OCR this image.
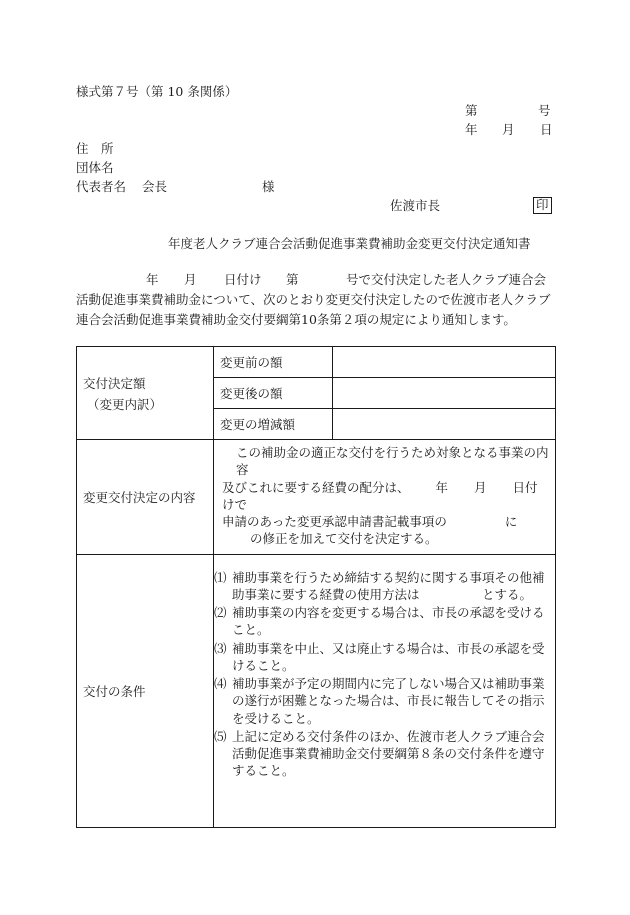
様式第７号（第 10 条関係）
第	号
年 月 日
住　所
団体名
代表者名 会長	様
佐渡市長	印
年度老人クラブ連合会活動促進事業費補助金変更交付決定通知書
年 月 日付け 第	号で交付決定した老人クラブ連合会
活動促進事業費補助金について、次のとおり変更交付決定したので佐渡市老人クラブ
連合会活動促進事業費補助金交付要綱第10条第２項の規定により通知します。
交付決定額
（変更内訳）	変更前の額	
	変更後の額	
	変更の増減額	
変更交付決定の内容	この補助金の適正な交付を行うため対象となる事業の内容
及びこれに要する経費の配分は、 年 月 日付けで
申請のあった変更承認申請書記載事項の に
の修正を加えて交付を決定する。	

交付の条件	⑴ 補助事業を行うため締結する契約に関する事項その他補助事業に要する経費の使用方法は　　　　　とする。
⑵ 補助事業の内容を変更する場合は、市長の承認を受けること。
⑶ 補助事業を中止、又は廃止する場合は、市長の承認を受けること。
⑷ 補助事業が予定の期間内に完了しない場合又は補助事業の遂行が困難となった場合は、市長に報告してその指示を受けること。
⑸ 上記に定める交付条件のほか、佐渡市老人クラブ連合会活動促進事業費補助金交付要綱第８条の交付条件を遵守すること。	
